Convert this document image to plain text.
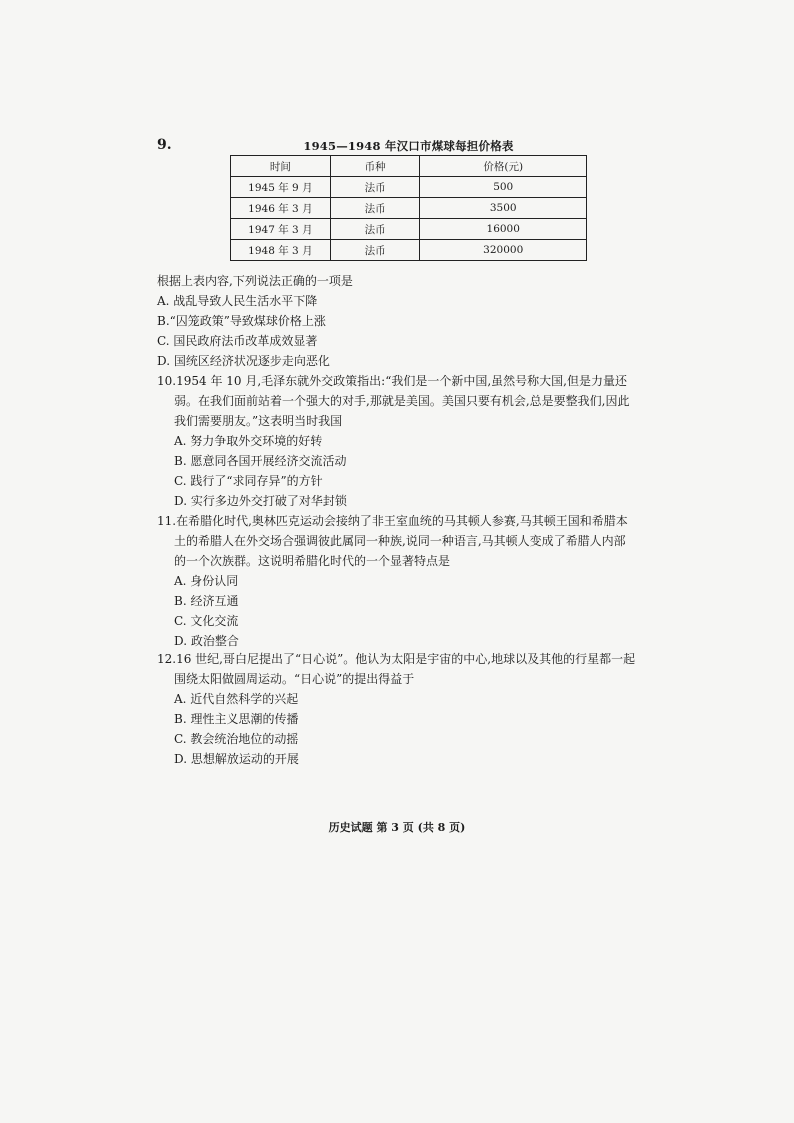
9.	1945—1948 年汉口市煤球每担价格表
时间	币种	价格(元)
1945 年 9 月	法币	500
1946 年 3 月	法币	3500
1947 年 3 月	法币	16000
1948 年 3 月	法币	320000

根据上表内容,下列说法正确的一项是

A. 战乱导致人民生活水平下降

B.“囚笼政策”导致煤球价格上涨

C. 国民政府法币改革成效显著

D. 国统区经济状况逐步走向恶化

10.1954 年 10 月,毛泽东就外交政策指出:“我们是一个新中国,虽然号称大国,但是力量还弱。在我们面前站着一个强大的对手,那就是美国。美国只要有机会,总是要整我们,因此我们需要朋友。”这表明当时我国

A. 努力争取外交环境的好转

B. 愿意同各国开展经济交流活动

C. 践行了“求同存异”的方针

D. 实行多边外交打破了对华封锁

11.在希腊化时代,奥林匹克运动会接纳了非王室血统的马其顿人参赛,马其顿王国和希腊本土的希腊人在外交场合强调彼此属同一种族,说同一种语言,马其顿人变成了希腊人内部的一个次族群。这说明希腊化时代的一个显著特点是

A. 身份认同

B. 经济互通

C. 文化交流

D. 政治整合

12.16 世纪,哥白尼提出了“日心说”。他认为太阳是宇宙的中心,地球以及其他的行星都一起围绕太阳做圆周运动。“日心说”的提出得益于

A. 近代自然科学的兴起

B. 理性主义思潮的传播

C. 教会统治地位的动摇

D. 思想解放运动的开展

历史试题 第 3 页 (共 8 页)
